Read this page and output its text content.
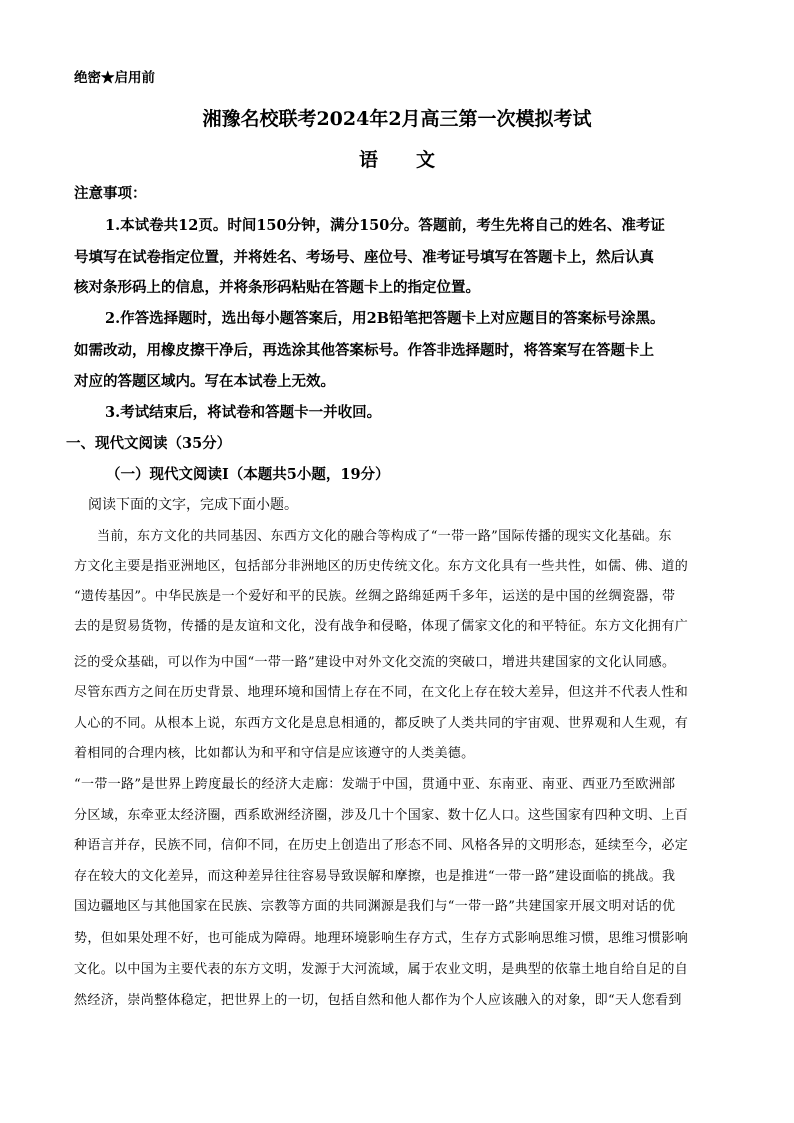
绝密★启用前
湘豫名校联考2024年2月高三第一次模拟考试
语　　文
注意事项：
1.本试卷共12页。时间150分钟，满分150分。答题前，考生先将自己的姓名、准考证
号填写在试卷指定位置，并将姓名、考场号、座位号、准考证号填写在答题卡上，然后认真
核对条形码上的信息，并将条形码粘贴在答题卡上的指定位置。
2.作答选择题时，选出每小题答案后，用2B铅笔把答题卡上对应题目的答案标号涂黑。
如需改动，用橡皮擦干净后，再选涂其他答案标号。作答非选择题时，将答案写在答题卡上
对应的答题区域内。写在本试卷上无效。
3.考试结束后，将试卷和答题卡一并收回。
一、现代文阅读（35分）
（一）现代文阅读Ⅰ（本题共5小题，19分）
阅读下面的文字，完成下面小题。
当前，东方文化的共同基因、东西方文化的融合等构成了“一带一路”国际传播的现实文化基础。东
方文化主要是指亚洲地区，包括部分非洲地区的历史传统文化。东方文化具有一些共性，如儒、佛、道的
“遗传基因”。中华民族是一个爱好和平的民族。丝绸之路绵延两千多年，运送的是中国的丝绸瓷器，带
去的是贸易货物，传播的是友谊和文化，没有战争和侵略，体现了儒家文化的和平特征。东方文化拥有广
泛的受众基础，可以作为中国“一带一路”建设中对外文化交流的突破口，增进共建国家的文化认同感。
尽管东西方之间在历史背景、地理环境和国情上存在不同，在文化上存在较大差异，但这并不代表人性和
人心的不同。从根本上说，东西方文化是息息相通的，都反映了人类共同的宇宙观、世界观和人生观，有
着相同的合理内核，比如都认为和平和守信是应该遵守的人类美德。
“一带一路”是世界上跨度最长的经济大走廊：发端于中国，贯通中亚、东南亚、南亚、西亚乃至欧洲部
分区域，东牵亚太经济圈，西系欧洲经济圈，涉及几十个国家、数十亿人口。这些国家有四种文明、上百
种语言并存，民族不同，信仰不同，在历史上创造出了形态不同、风格各异的文明形态，延续至今，必定
存在较大的文化差异，而这种差异往往容易导致误解和摩擦，也是推进“一带一路”建设面临的挑战。我
国边疆地区与其他国家在民族、宗教等方面的共同渊源是我们与“一带一路”共建国家开展文明对话的优
势，但如果处理不好，也可能成为障碍。地理环境影响生存方式，生存方式影响思维习惯，思维习惯影响
文化。以中国为主要代表的东方文明，发源于大河流域，属于农业文明，是典型的依靠土地自给自足的自
然经济，崇尚整体稳定，把世界上的一切，包括自然和他人都作为个人应该融入的对象，即“天人您看到
